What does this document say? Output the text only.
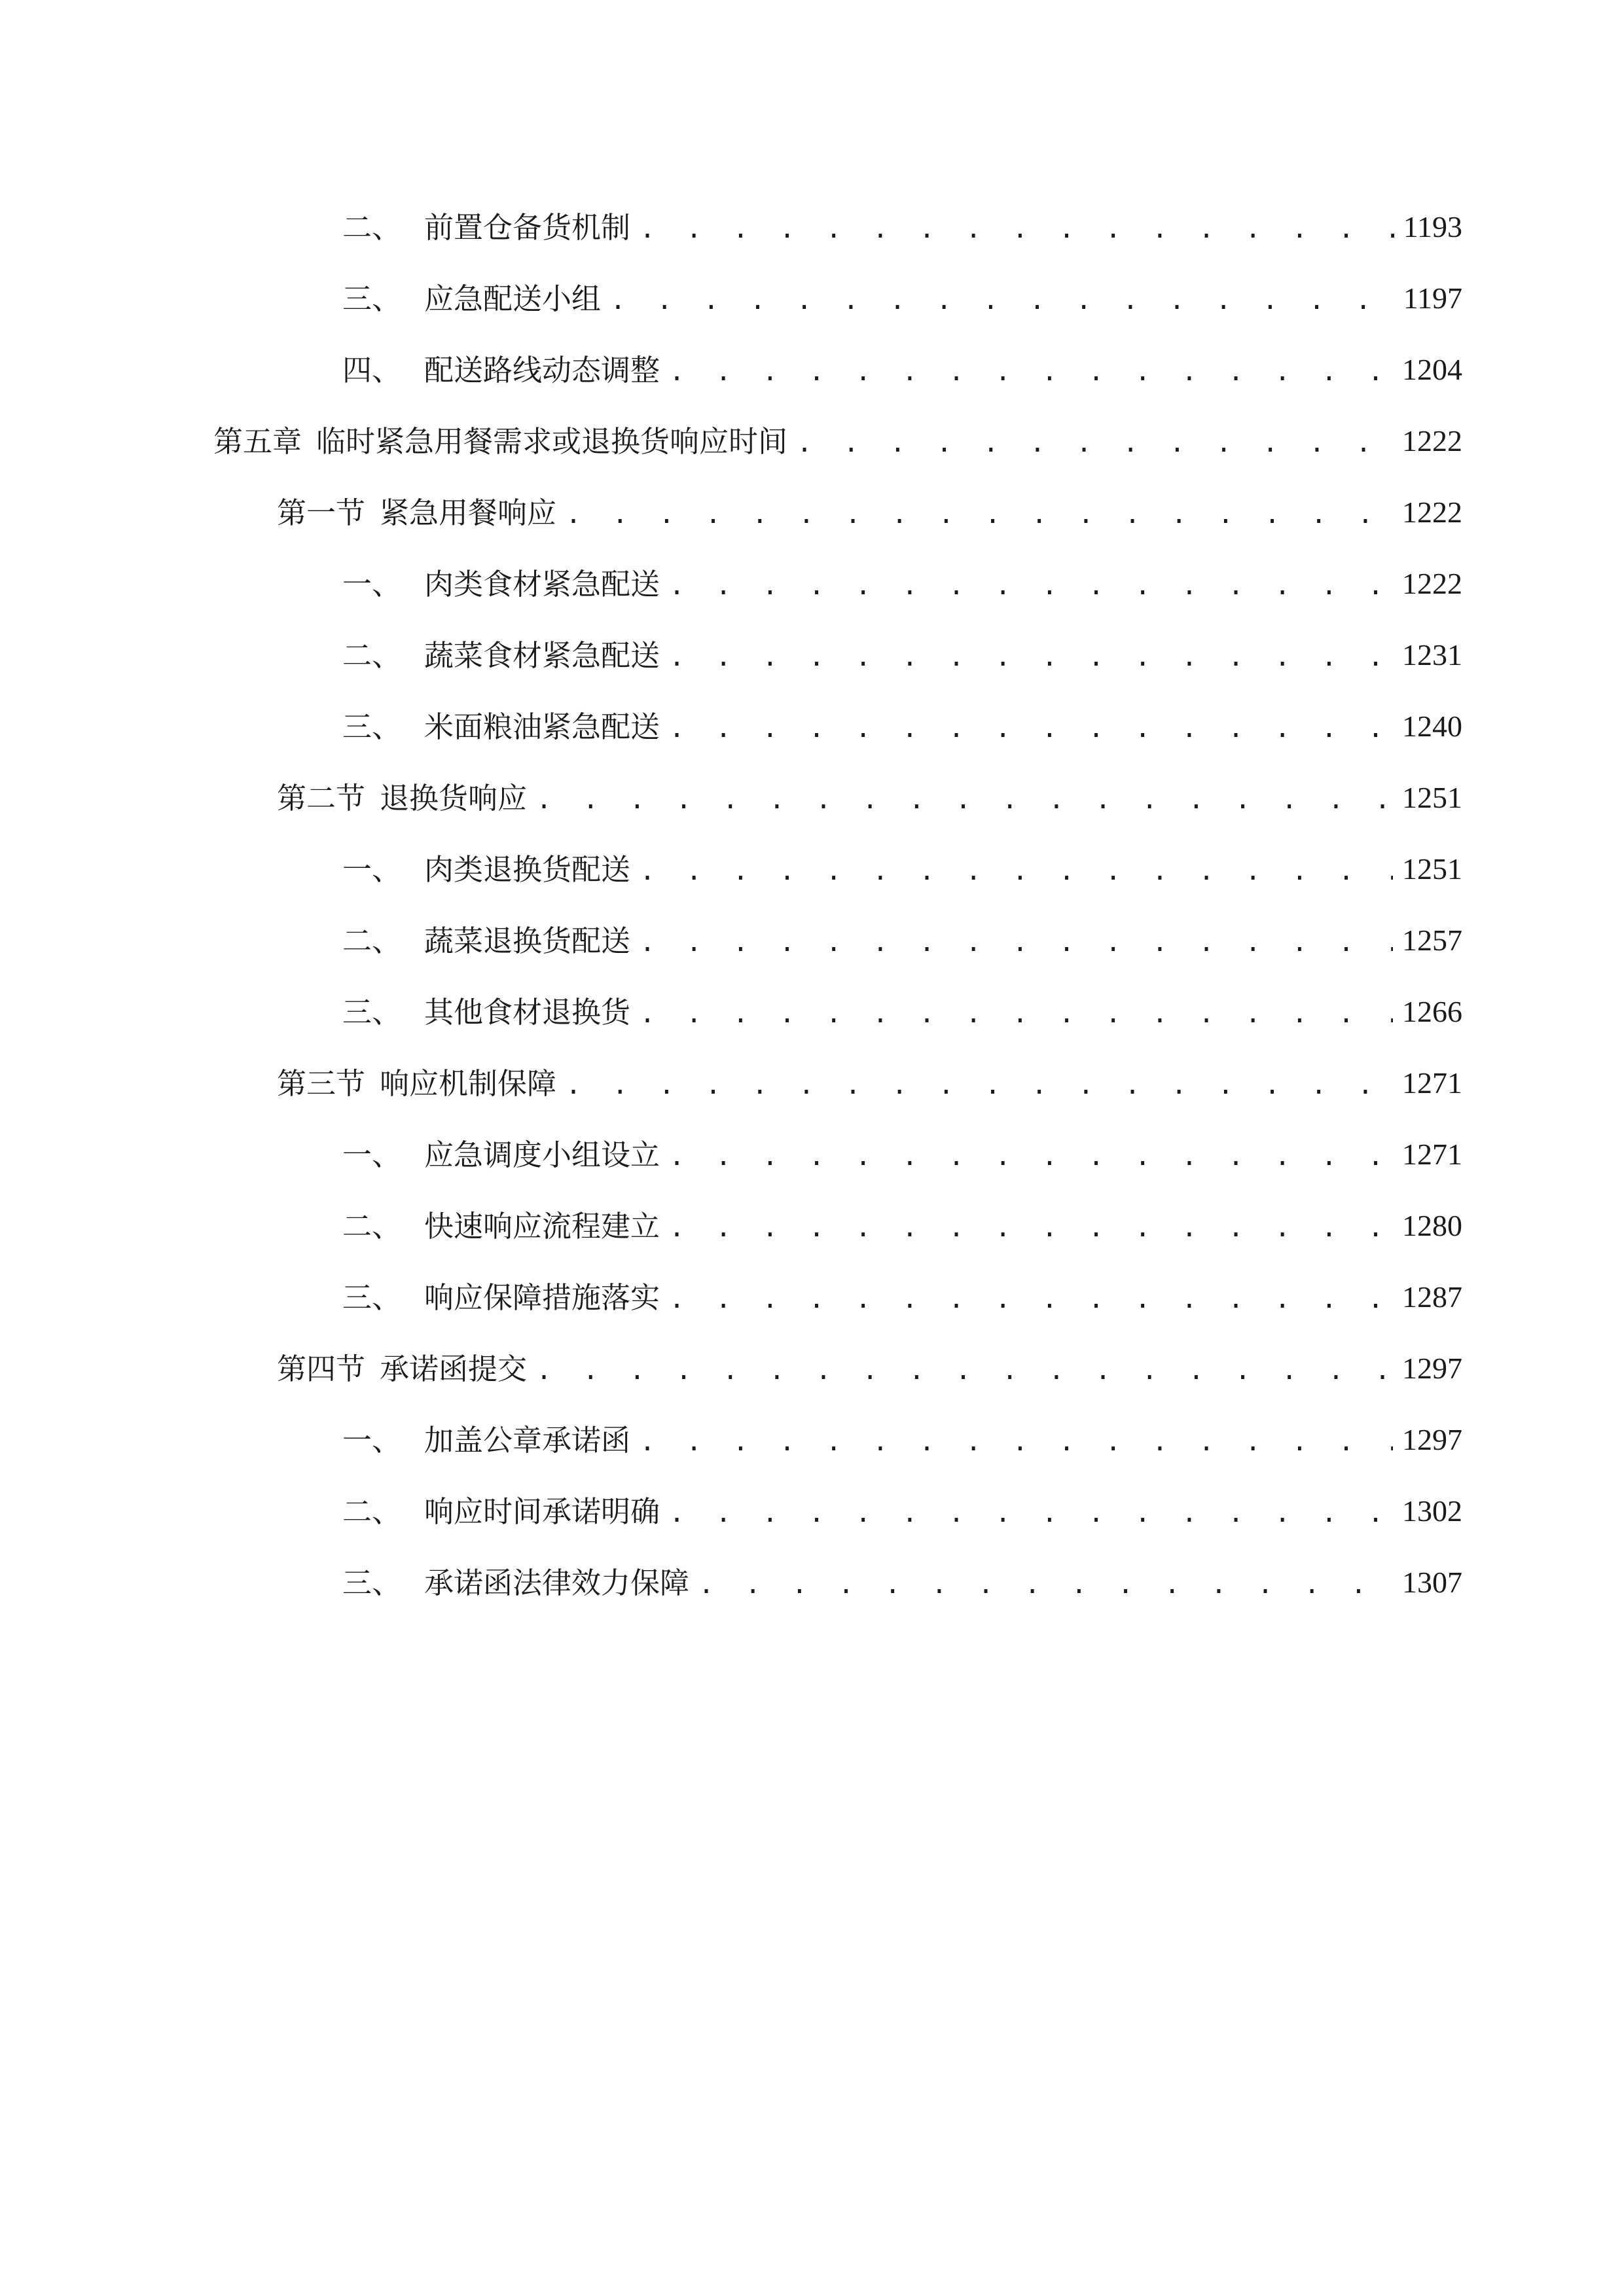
二、 前置仓备货机制 . . .	1193
三、 应急配送小组 . . .	1197
四、 配送路线动态调整 . . .	1204
第五章 临时紧急用餐需求或退换货响应时间 . . .	1222
第一节 紧急用餐响应 . . .	1222
一、 肉类食材紧急配送 . . .	1222
二、 蔬菜食材紧急配送 . . .	1231
三、 米面粮油紧急配送 . . .	1240
第二节 退换货响应 . . .	1251
一、 肉类退换货配送 . . .	1251
二、 蔬菜退换货配送 . . .	1257
三、 其他食材退换货 . . .	1266
第三节 响应机制保障 . . .	1271
一、 应急调度小组设立 . . .	1271
二、 快速响应流程建立 . . .	1280
三、 响应保障措施落实 . . .	1287
第四节 承诺函提交 . . .	1297
一、 加盖公章承诺函 . . .	1297
二、 响应时间承诺明确 . . .	1302
三、 承诺函法律效力保障 . . .	1307
